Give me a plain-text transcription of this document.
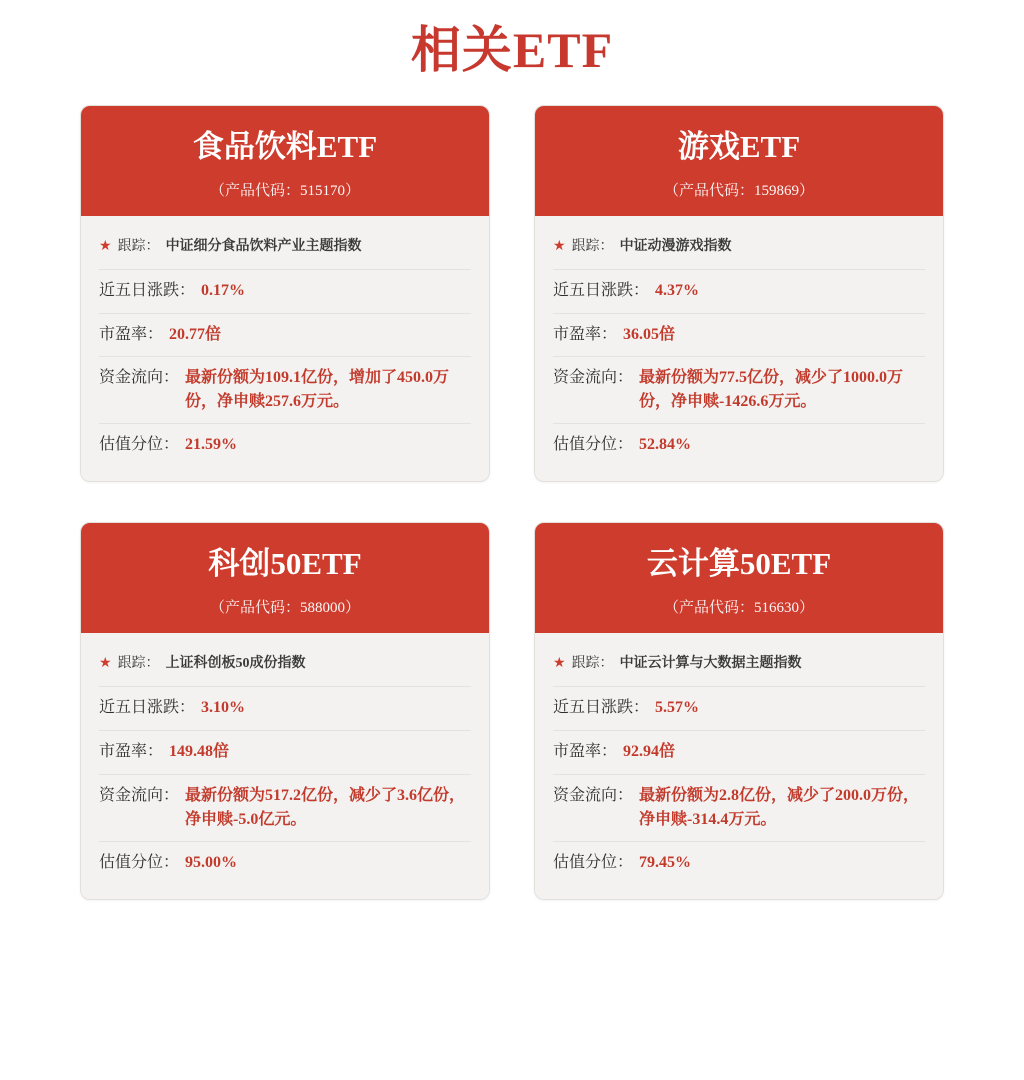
相关ETF
食品饮料ETF
（产品代码：515170）
★ 跟踪： 中证细分食品饮料产业主题指数
近五日涨跌： 0.17%
市盈率： 20.77倍
资金流向： 最新份额为109.1亿份，增加了450.0万份，净申赎257.6万元。
估值分位： 21.59%
游戏ETF
（产品代码：159869）
★ 跟踪： 中证动漫游戏指数
近五日涨跌： 4.37%
市盈率： 36.05倍
资金流向： 最新份额为77.5亿份，减少了1000.0万份，净申赎-1426.6万元。
估值分位： 52.84%
科创50ETF
（产品代码：588000）
★ 跟踪： 上证科创板50成份指数
近五日涨跌： 3.10%
市盈率： 149.48倍
资金流向： 最新份额为517.2亿份，减少了3.6亿份，净申赎-5.0亿元。
估值分位： 95.00%
云计算50ETF
（产品代码：516630）
★ 跟踪： 中证云计算与大数据主题指数
近五日涨跌： 5.57%
市盈率： 92.94倍
资金流向： 最新份额为2.8亿份，减少了200.0万份，净申赎-314.4万元。
估值分位： 79.45%
